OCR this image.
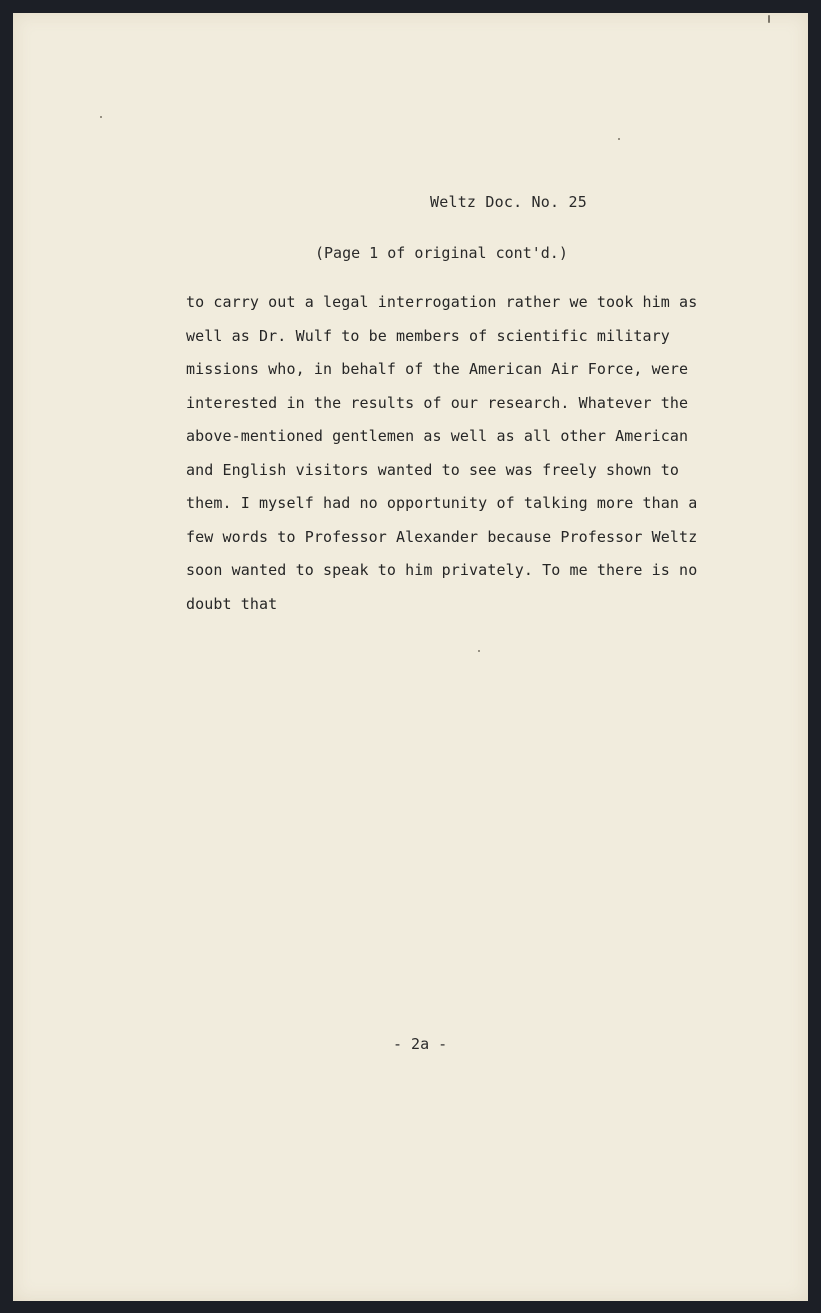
Weltz Doc. No. 25
(Page 1 of original cont'd.)
to carry out a legal interrogation rather we took him as
well as Dr. Wulf to be members of scientific military
missions who, in behalf of the American Air Force, were
interested in the results of our research. Whatever the
above-mentioned gentlemen as well as all other American
and English visitors wanted to see was freely shown to
them. I myself had no opportunity of talking more than a
few words to Professor Alexander because Professor Weltz
soon wanted to speak to him privately. To me there is no
doubt that
- 2a -
